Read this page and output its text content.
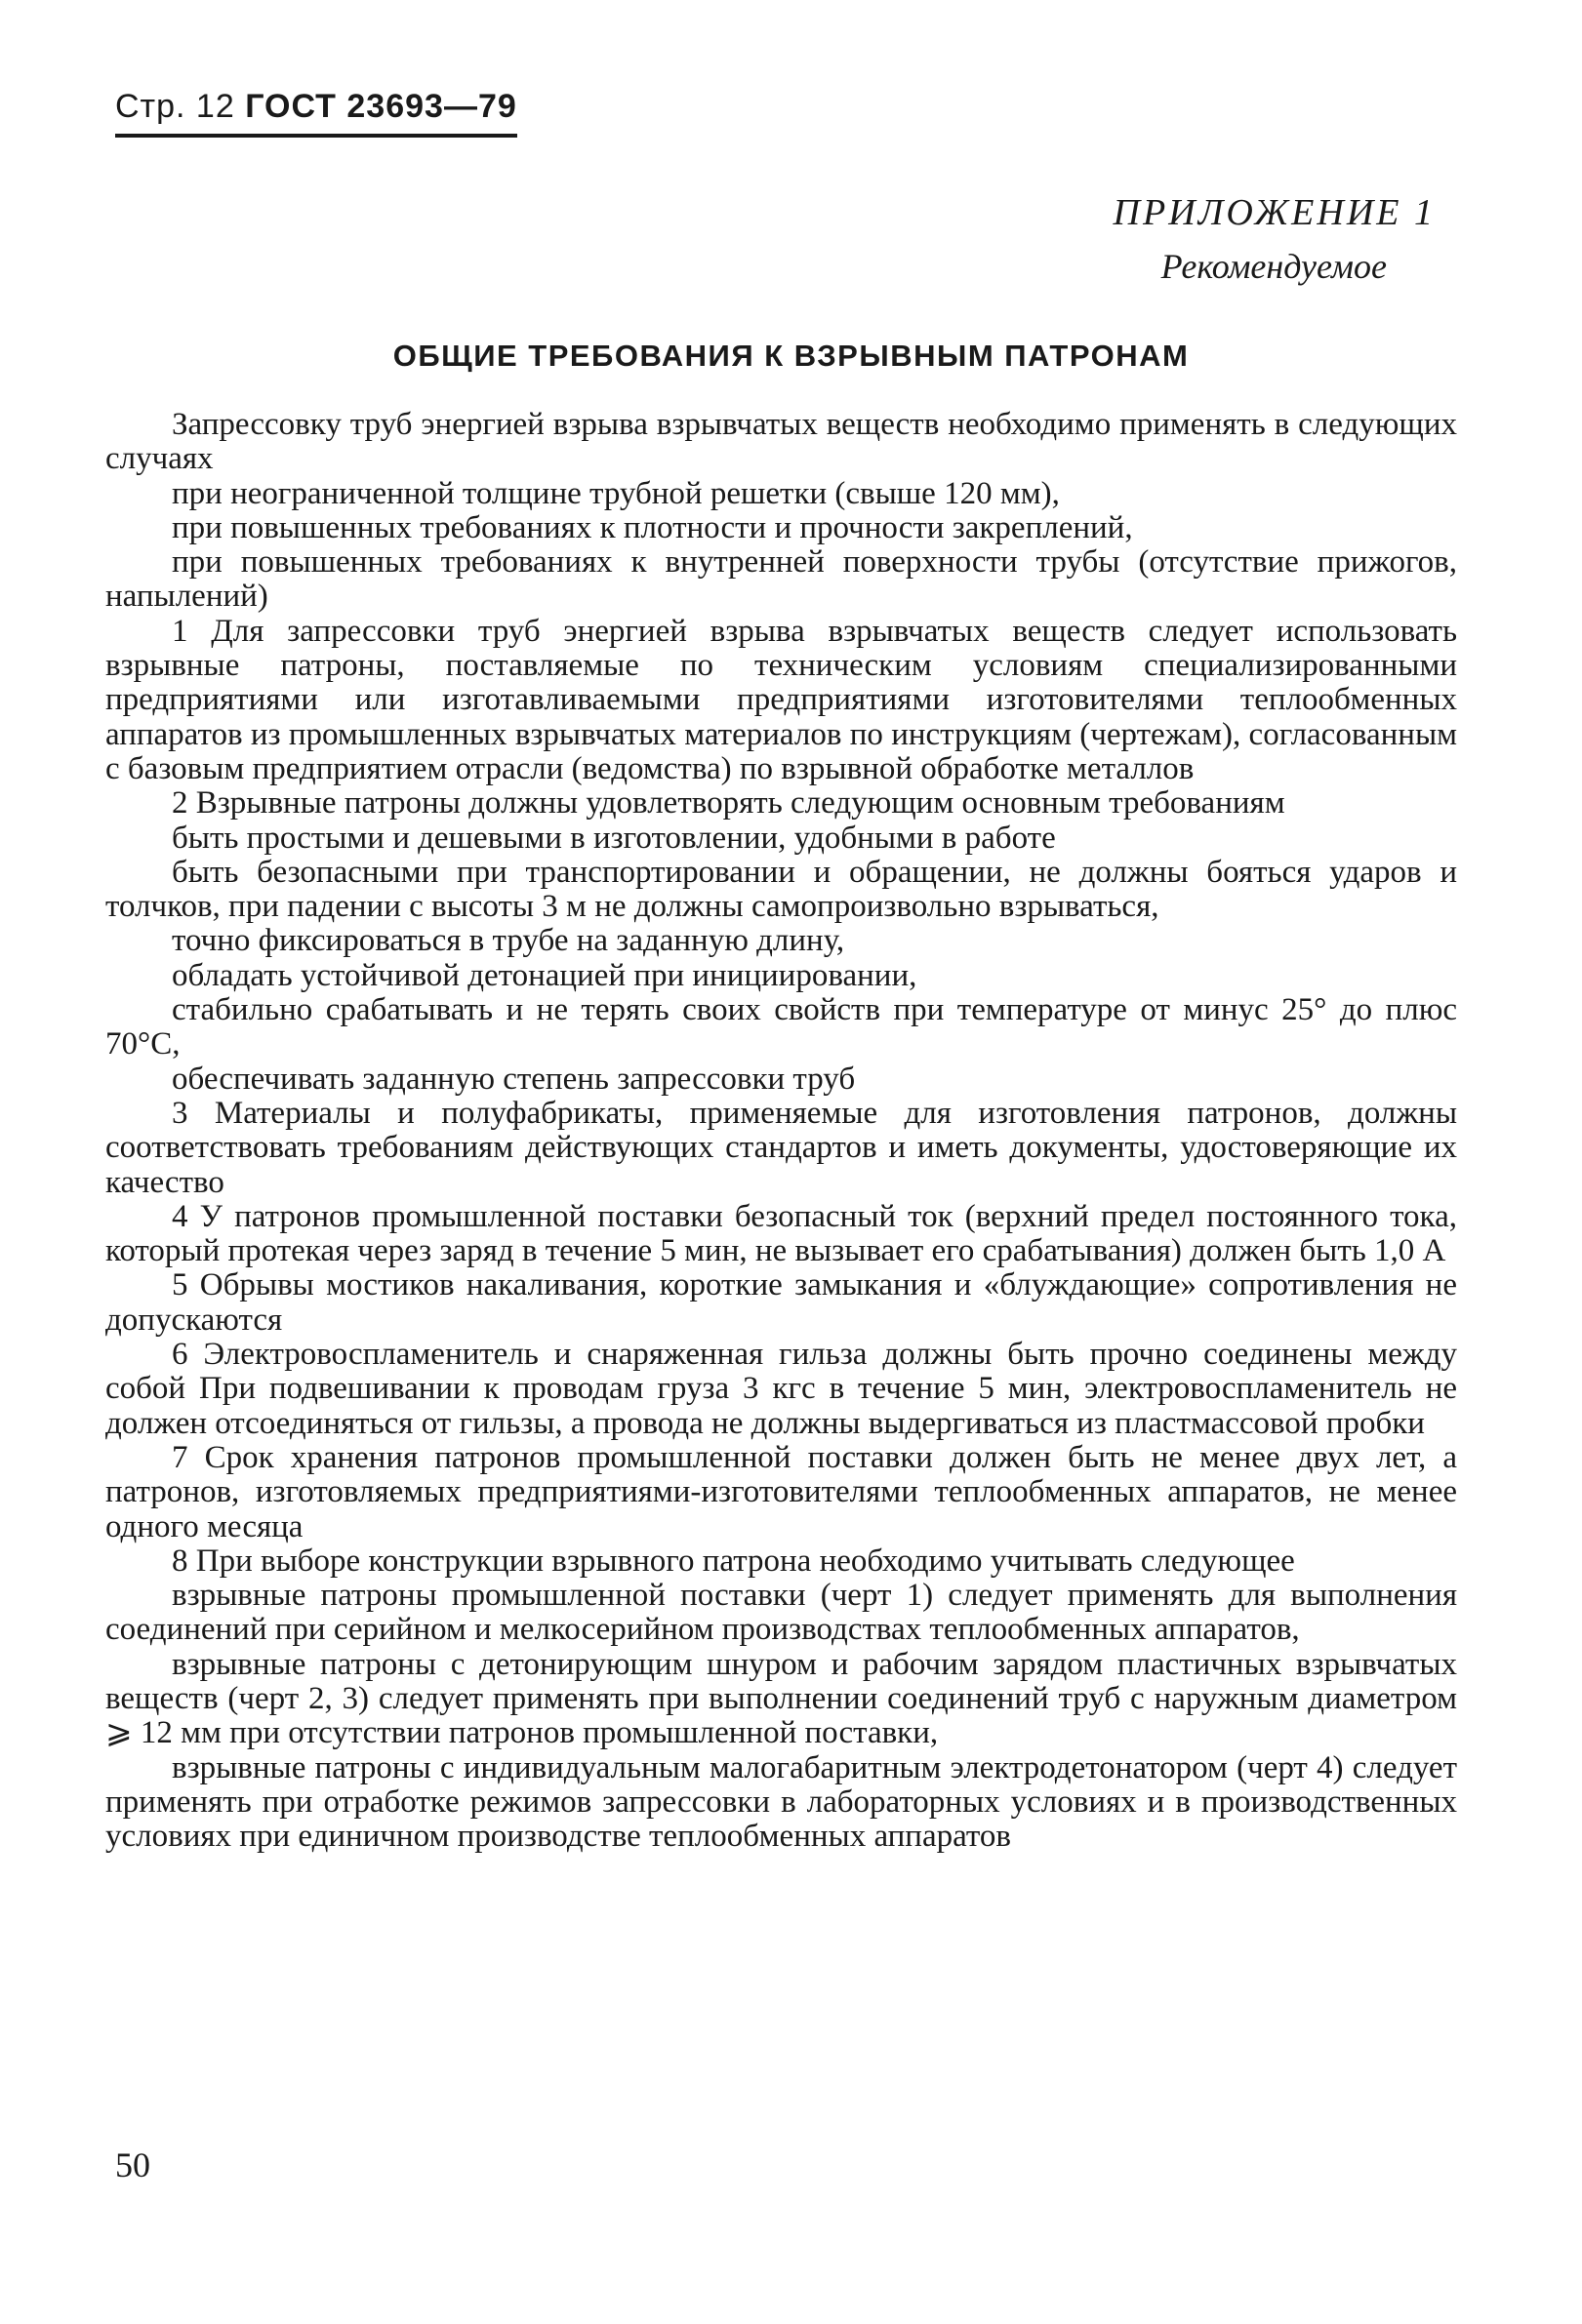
Стр. 12 ГОСТ 23693—79
ПРИЛОЖЕНИЕ 1
Рекомендуемое
ОБЩИЕ ТРЕБОВАНИЯ К ВЗРЫВНЫМ ПАТРОНАМ

Запрессовку труб энергией взрыва взрывчатых веществ необходимо применять в следующих случаях

при неограниченной толщине трубной решетки (свыше 120 мм),

при повышенных требованиях к плотности и прочности закреплений,

при повышенных требованиях к внутренней поверхности трубы (отсутствие прижогов, напылений)

1 Для запрессовки труб энергией взрыва взрывчатых веществ следует использовать взрывные патроны, поставляемые по техническим условиям специализированными предприятиями или изготавливаемыми предприятиями изготовителями теплообменных аппаратов из промышленных взрывчатых материалов по инструкциям (чертежам), согласованным с базовым предприятием отрасли (ведомства) по взрывной обработке металлов

2 Взрывные патроны должны удовлетворять следующим основным требованиям

быть простыми и дешевыми в изготовлении, удобными в работе

быть безопасными при транспортировании и обращении, не должны бояться ударов и толчков, при падении с высоты 3 м не должны самопроизвольно взрываться,

точно фиксироваться в трубе на заданную длину,

обладать устойчивой детонацией при инициировании,

стабильно срабатывать и не терять своих свойств при температуре от минус 25° до плюс 70°С,

обеспечивать заданную степень запрессовки труб

3 Материалы и полуфабрикаты, применяемые для изготовления патронов, должны соответствовать требованиям действующих стандартов и иметь документы, удостоверяющие их качество

4 У патронов промышленной поставки безопасный ток (верхний предел постоянного тока, который протекая через заряд в течение 5 мин, не вызывает его срабатывания) должен быть 1,0 А

5 Обрывы мостиков накаливания, короткие замыкания и «блуждающие» сопротивления не допускаются

6 Электровоспламенитель и снаряженная гильза должны быть прочно соединены между собой При подвешивании к проводам груза 3 кгс в течение 5 мин, электровоспламенитель не должен отсоединяться от гильзы, а провода не должны выдергиваться из пластмассовой пробки

7 Срок хранения патронов промышленной поставки должен быть не менее двух лет, а патронов, изготовляемых предприятиями-изготовителями теплообменных аппаратов, не менее одного месяца

8 При выборе конструкции взрывного патрона необходимо учитывать следующее

взрывные патроны промышленной поставки (черт 1) следует применять для выполнения соединений при серийном и мелкосерийном производствах теплообменных аппаратов,

взрывные патроны с детонирующим шнуром и рабочим зарядом пластичных взрывчатых веществ (черт 2, 3) следует применять при выполнении соединений труб с наружным диаметром ⩾ 12 мм при отсутствии патронов промышленной поставки,

взрывные патроны с индивидуальным малогабаритным электродетонатором (черт 4) следует применять при отработке режимов запрессовки в лабораторных условиях и в производственных условиях при единичном производстве теплообменных аппаратов

50
